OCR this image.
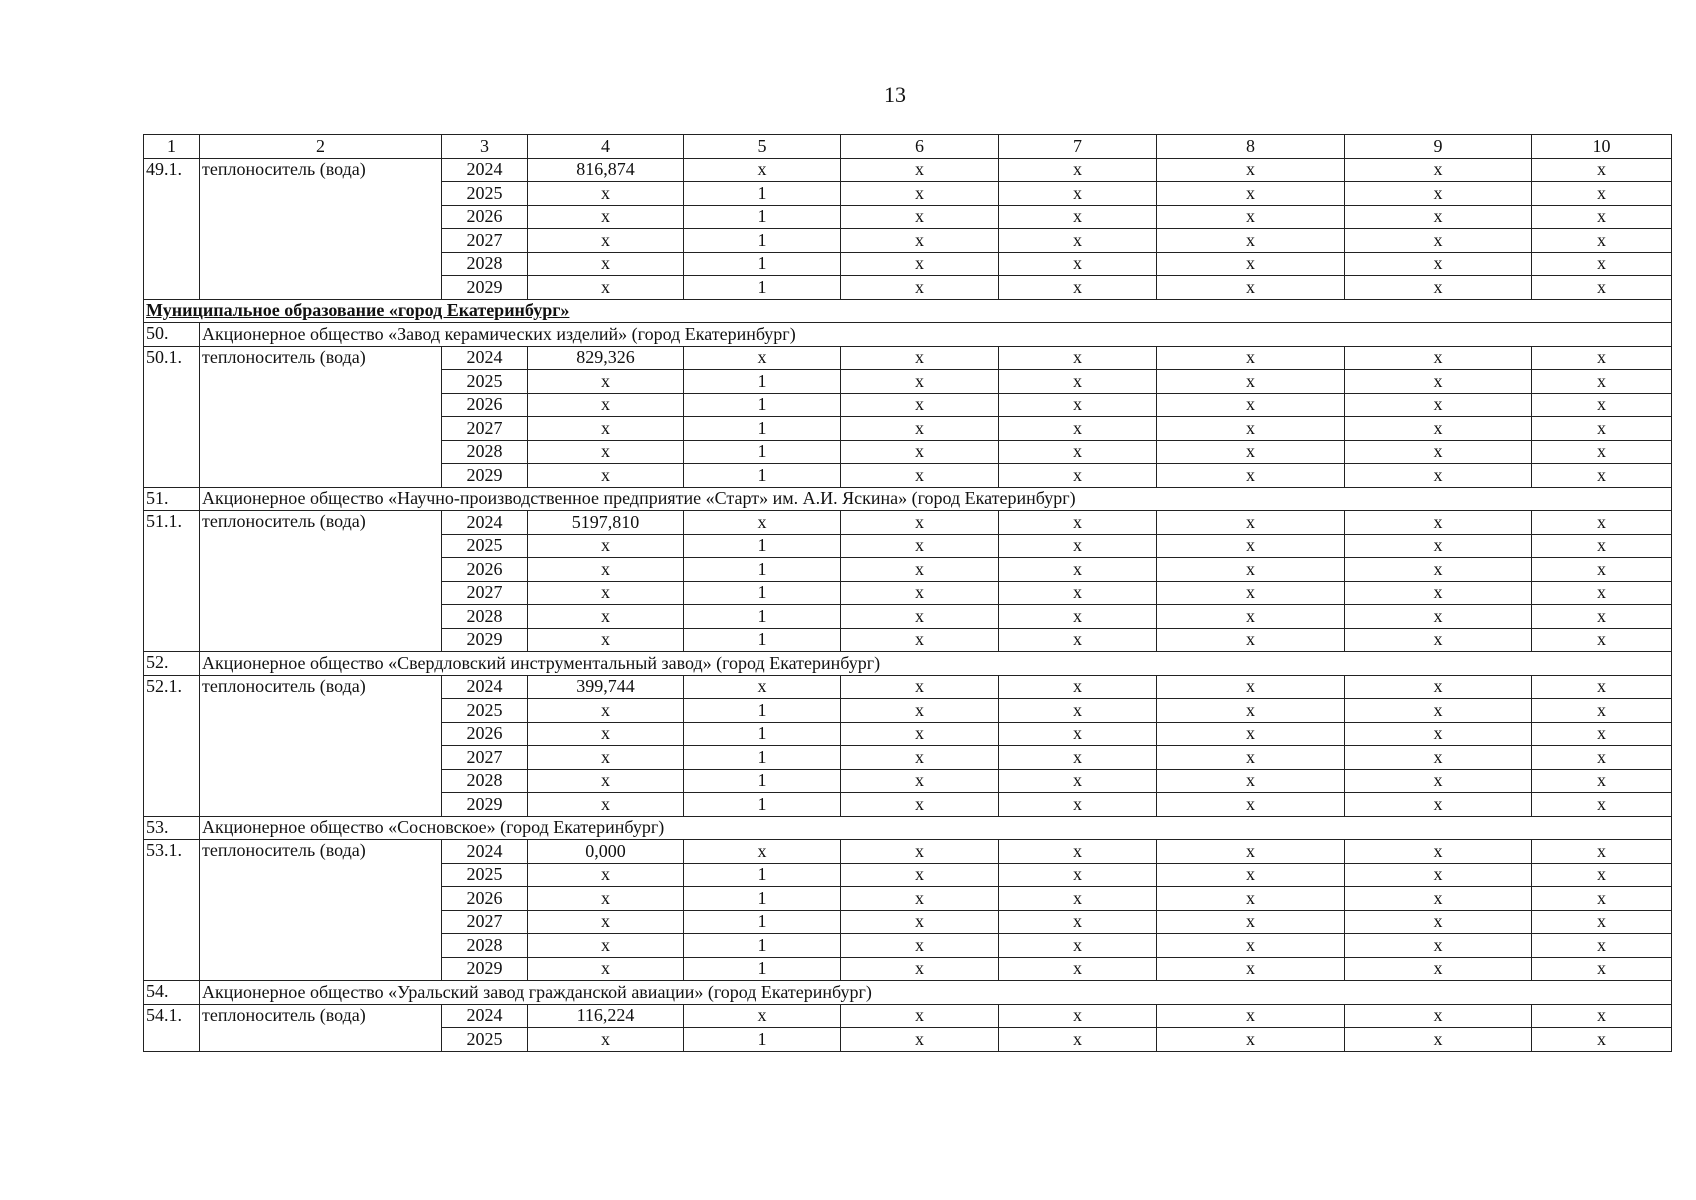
13
1	2	3	4	5	6	7	8	9	10
49.1.	теплоноситель (вода)	2024	816,874	х	х	х	х	х	х
		2025	х	1	х	х	х	х	х
		2026	х	1	х	х	х	х	х
		2027	х	1	х	х	х	х	х
		2028	х	1	х	х	х	х	х
		2029	х	1	х	х	х	х	х
Муниципальное образование «город Екатеринбург»									
50.	Акционерное общество «Завод керамических изделий» (город Екатеринбург)								
50.1.	теплоноситель (вода)	2024	829,326	х	х	х	х	х	х
		2025	х	1	х	х	х	х	х
		2026	х	1	х	х	х	х	х
		2027	х	1	х	х	х	х	х
		2028	х	1	х	х	х	х	х
		2029	х	1	х	х	х	х	х
51.	Акционерное общество «Научно-производственное предприятие «Старт» им. А.И. Яскина» (город Екатеринбург)								
51.1.	теплоноситель (вода)	2024	5197,810	х	х	х	х	х	х
		2025	х	1	х	х	х	х	х
		2026	х	1	х	х	х	х	х
		2027	х	1	х	х	х	х	х
		2028	х	1	х	х	х	х	х
		2029	х	1	х	х	х	х	х
52.	Акционерное общество «Свердловский инструментальный завод» (город Екатеринбург)								
52.1.	теплоноситель (вода)	2024	399,744	х	х	х	х	х	х
		2025	х	1	х	х	х	х	х
		2026	х	1	х	х	х	х	х
		2027	х	1	х	х	х	х	х
		2028	х	1	х	х	х	х	х
		2029	х	1	х	х	х	х	х
53.	Акционерное общество «Сосновское» (город Екатеринбург)								
53.1.	теплоноситель (вода)	2024	0,000	х	х	х	х	х	х
		2025	х	1	х	х	х	х	х
		2026	х	1	х	х	х	х	х
		2027	х	1	х	х	х	х	х
		2028	х	1	х	х	х	х	х
		2029	х	1	х	х	х	х	х
54.	Акционерное общество «Уральский завод гражданской авиации» (город Екатеринбург)								
54.1.	теплоноситель (вода)	2024	116,224	х	х	х	х	х	х
		2025	х	1	х	х	х	х	х
